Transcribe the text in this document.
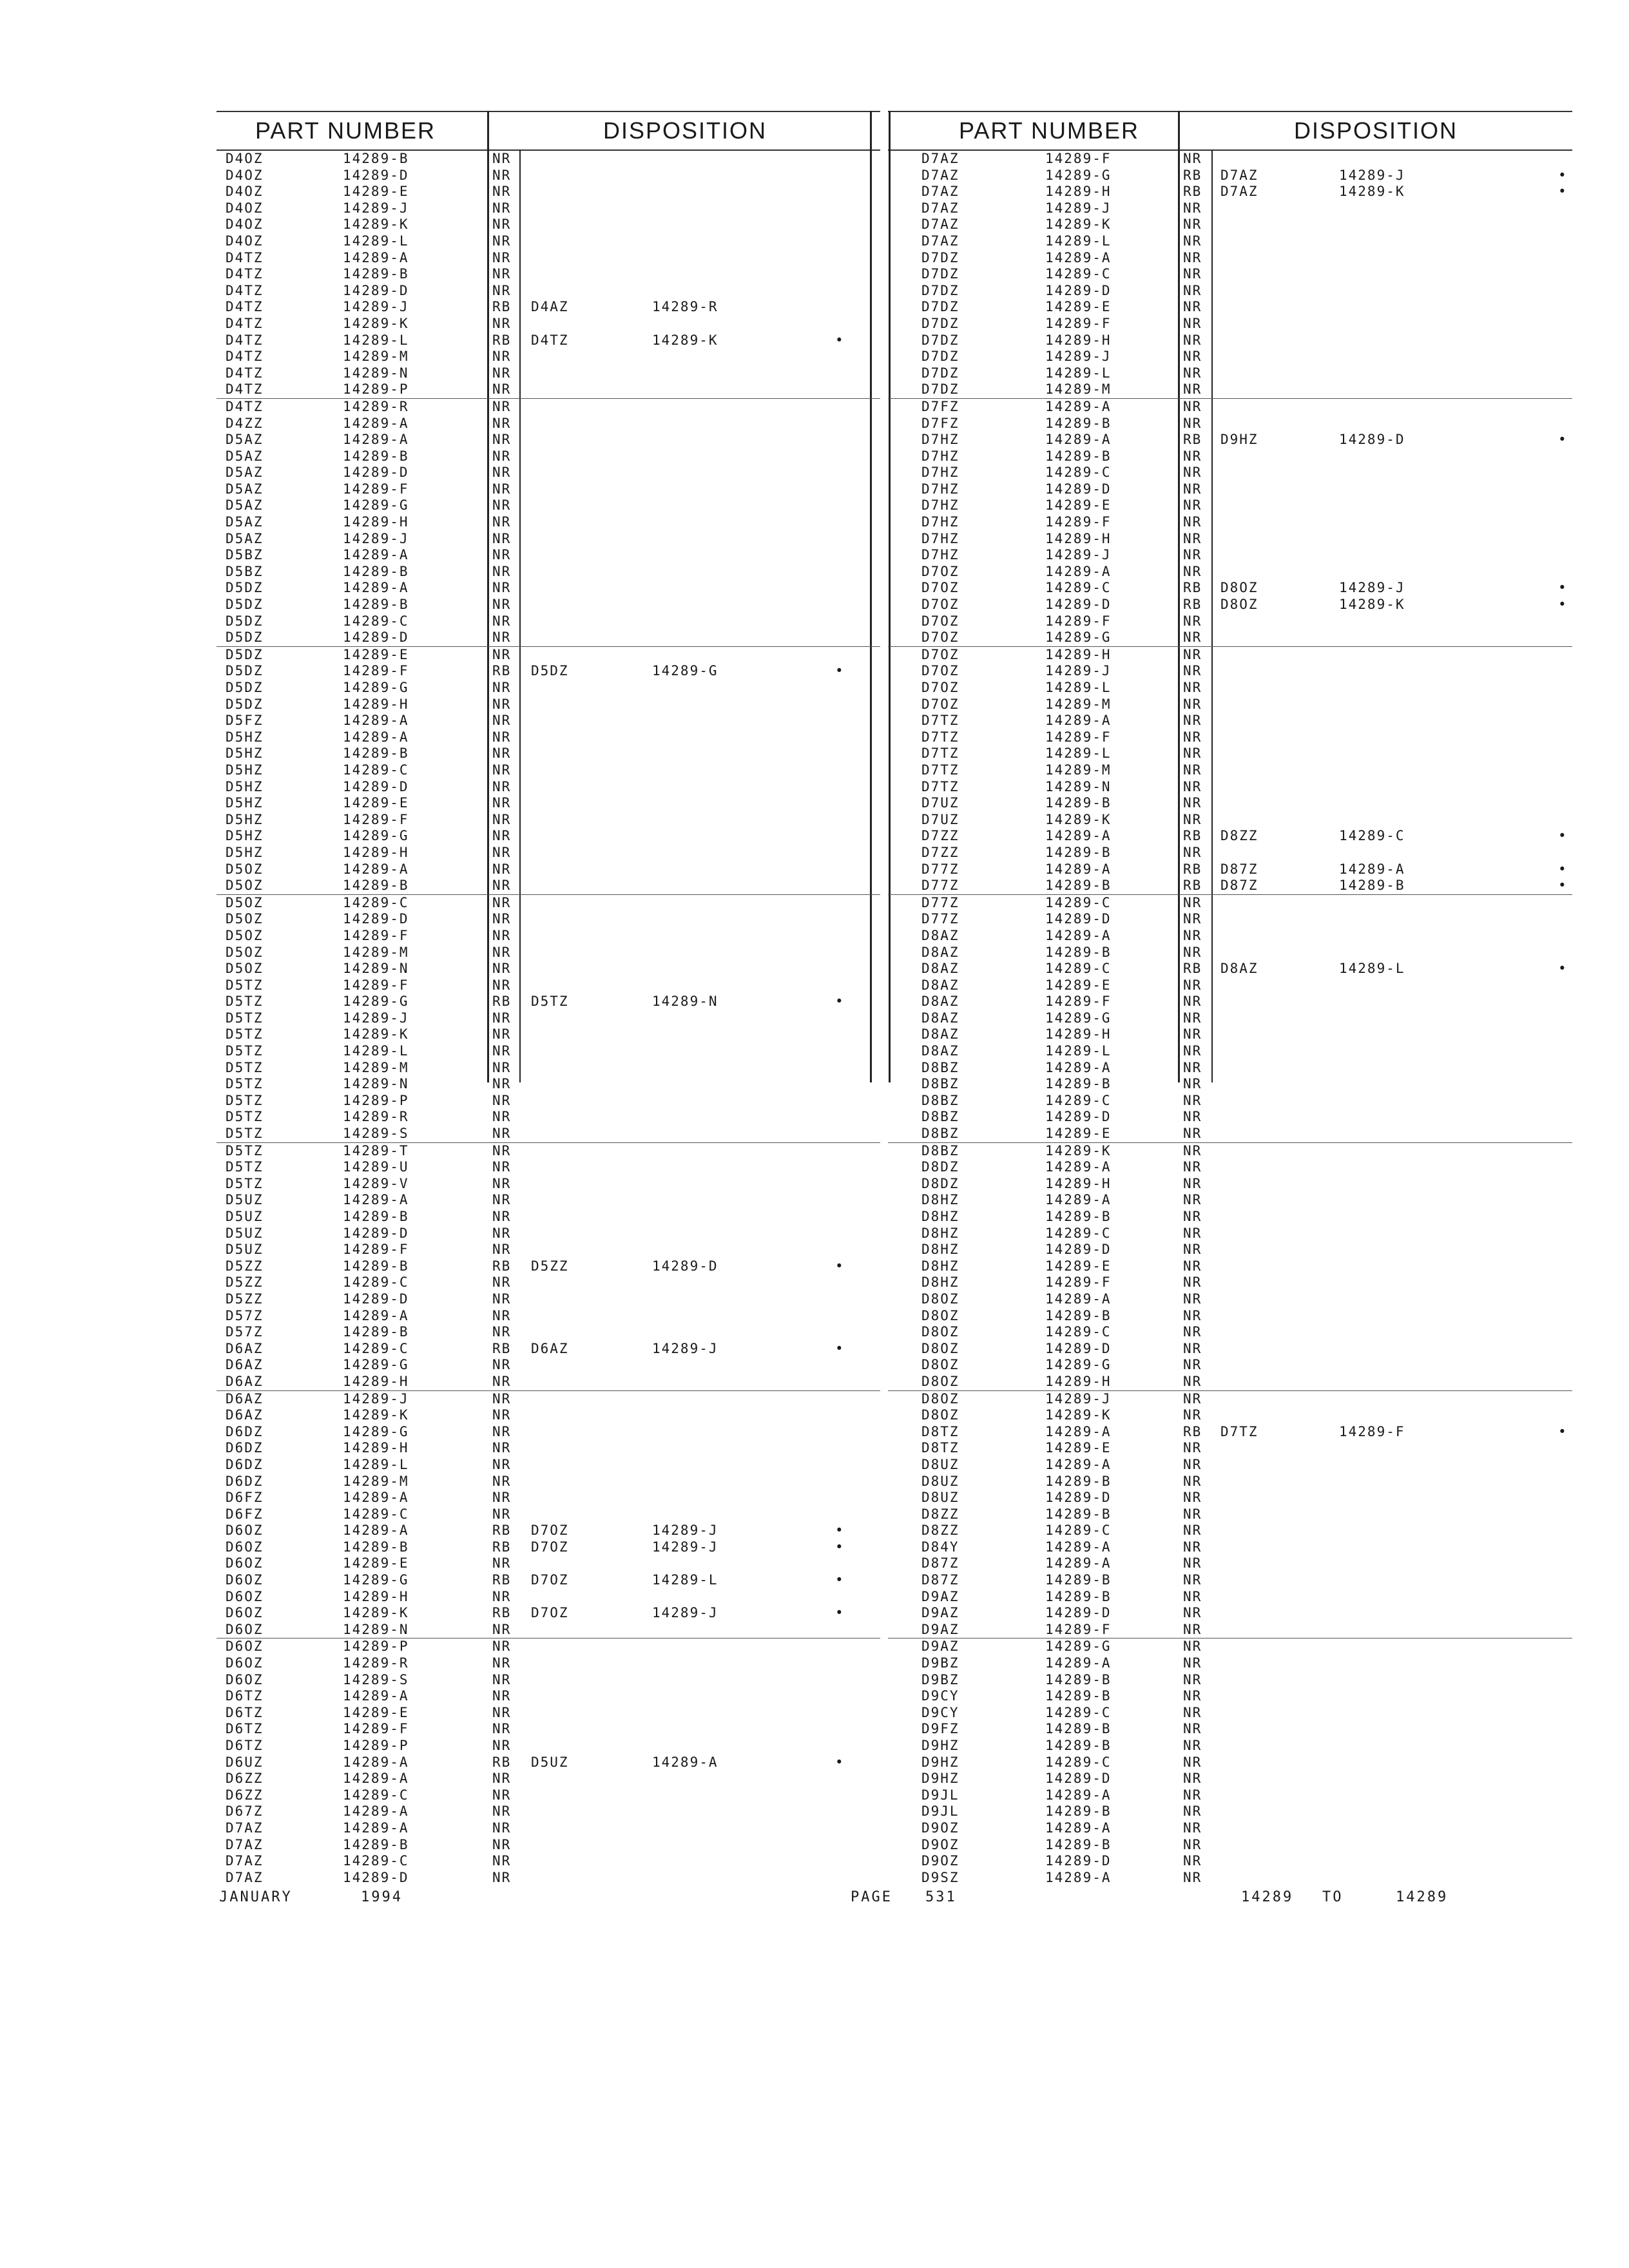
PART NUMBER	DISPOSITION
D4OZ	14289-B	NR
D4OZ	14289-D	NR
D4OZ	14289-E	NR
D4OZ	14289-J	NR
D4OZ	14289-K	NR
D4OZ	14289-L	NR
D4TZ	14289-A	NR
D4TZ	14289-B	NR
D4TZ	14289-D	NR
D4TZ	14289-J	RB D4AZ	14289-R
D4TZ	14289-K	NR
D4TZ	14289-L	RB D4TZ	14289-K	•
D4TZ	14289-M	NR
D4TZ	14289-N	NR
D4TZ	14289-P	NR
D4TZ	14289-R	NR
D4ZZ	14289-A	NR
D5AZ	14289-A	NR
D5AZ	14289-B	NR
D5AZ	14289-D	NR
D5AZ	14289-F	NR
D5AZ	14289-G	NR
D5AZ	14289-H	NR
D5AZ	14289-J	NR
D5BZ	14289-A	NR
D5BZ	14289-B	NR
D5DZ	14289-A	NR
D5DZ	14289-B	NR
D5DZ	14289-C	NR
D5DZ	14289-D	NR
D5DZ	14289-E	NR
D5DZ	14289-F	RB D5DZ	14289-G	•
D5DZ	14289-G	NR
D5DZ	14289-H	NR
D5FZ	14289-A	NR
D5HZ	14289-A	NR
D5HZ	14289-B	NR
D5HZ	14289-C	NR
D5HZ	14289-D	NR
D5HZ	14289-E	NR
D5HZ	14289-F	NR
D5HZ	14289-G	NR
D5HZ	14289-H	NR
D5OZ	14289-A	NR
D5OZ	14289-B	NR
D5OZ	14289-C	NR
D5OZ	14289-D	NR
D5OZ	14289-F	NR
D5OZ	14289-M	NR
D5OZ	14289-N	NR
D5TZ	14289-F	NR
D5TZ	14289-G	RB D5TZ	14289-N	•
D5TZ	14289-J	NR
D5TZ	14289-K	NR
D5TZ	14289-L	NR
D5TZ	14289-M	NR
D5TZ	14289-N	NR
D5TZ	14289-P	NR
D5TZ	14289-R	NR
D5TZ	14289-S	NR
D5TZ	14289-T	NR
D5TZ	14289-U	NR
D5TZ	14289-V	NR
D5UZ	14289-A	NR
D5UZ	14289-B	NR
D5UZ	14289-D	NR
D5UZ	14289-F	NR
D5ZZ	14289-B	RB D5ZZ	14289-D	•
D5ZZ	14289-C	NR
D5ZZ	14289-D	NR
D57Z	14289-A	NR
D57Z	14289-B	NR
D6AZ	14289-C	RB D6AZ	14289-J	•
D6AZ	14289-G	NR
D6AZ	14289-H	NR
D6AZ	14289-J	NR
D6AZ	14289-K	NR
D6DZ	14289-G	NR
D6DZ	14289-H	NR
D6DZ	14289-L	NR
D6DZ	14289-M	NR
D6FZ	14289-A	NR
D6FZ	14289-C	NR
D6OZ	14289-A	RB D7OZ	14289-J	•
D6OZ	14289-B	RB D7OZ	14289-J	•
D6OZ	14289-E	NR
D6OZ	14289-G	RB D7OZ	14289-L	•
D6OZ	14289-H	NR
D6OZ	14289-K	RB D7OZ	14289-J	•
D6OZ	14289-N	NR
D6OZ	14289-P	NR
D6OZ	14289-R	NR
D6OZ	14289-S	NR
D6TZ	14289-A	NR
D6TZ	14289-E	NR
D6TZ	14289-F	NR
D6TZ	14289-P	NR
D6UZ	14289-A	RB D5UZ	14289-A	•
D6ZZ	14289-A	NR
D6ZZ	14289-C	NR
D67Z	14289-A	NR
D7AZ	14289-A	NR
D7AZ	14289-B	NR
D7AZ	14289-C	NR
D7AZ	14289-D	NR
PART NUMBER	DISPOSITION
D7AZ	14289-F	NR
D7AZ	14289-G	RB D7AZ	14289-J	•
D7AZ	14289-H	RB D7AZ	14289-K	•
D7AZ	14289-J	NR
D7AZ	14289-K	NR
D7AZ	14289-L	NR
D7DZ	14289-A	NR
D7DZ	14289-C	NR
D7DZ	14289-D	NR
D7DZ	14289-E	NR
D7DZ	14289-F	NR
D7DZ	14289-H	NR
D7DZ	14289-J	NR
D7DZ	14289-L	NR
D7DZ	14289-M	NR
D7FZ	14289-A	NR
D7FZ	14289-B	NR
D7HZ	14289-A	RB D9HZ	14289-D	•
D7HZ	14289-B	NR
D7HZ	14289-C	NR
D7HZ	14289-D	NR
D7HZ	14289-E	NR
D7HZ	14289-F	NR
D7HZ	14289-H	NR
D7HZ	14289-J	NR
D7OZ	14289-A	NR
D7OZ	14289-C	RB D8OZ	14289-J	•
D7OZ	14289-D	RB D8OZ	14289-K	•
D7OZ	14289-F	NR
D7OZ	14289-G	NR
D7OZ	14289-H	NR
D7OZ	14289-J	NR
D7OZ	14289-L	NR
D7OZ	14289-M	NR
D7TZ	14289-A	NR
D7TZ	14289-F	NR
D7TZ	14289-L	NR
D7TZ	14289-M	NR
D7TZ	14289-N	NR
D7UZ	14289-B	NR
D7UZ	14289-K	NR
D7ZZ	14289-A	RB D8ZZ	14289-C	•
D7ZZ	14289-B	NR
D77Z	14289-A	RB D87Z	14289-A	•
D77Z	14289-B	RB D87Z	14289-B	•
D77Z	14289-C	NR
D77Z	14289-D	NR
D8AZ	14289-A	NR
D8AZ	14289-B	NR
D8AZ	14289-C	RB D8AZ	14289-L	•
D8AZ	14289-E	NR
D8AZ	14289-F	NR
D8AZ	14289-G	NR
D8AZ	14289-H	NR
D8AZ	14289-L	NR
D8BZ	14289-A	NR
D8BZ	14289-B	NR
D8BZ	14289-C	NR
D8BZ	14289-D	NR
D8BZ	14289-E	NR
D8BZ	14289-K	NR
D8DZ	14289-A	NR
D8DZ	14289-H	NR
D8HZ	14289-A	NR
D8HZ	14289-B	NR
D8HZ	14289-C	NR
D8HZ	14289-D	NR
D8HZ	14289-E	NR
D8HZ	14289-F	NR
D8OZ	14289-A	NR
D8OZ	14289-B	NR
D8OZ	14289-C	NR
D8OZ	14289-D	NR
D8OZ	14289-G	NR
D8OZ	14289-H	NR
D8OZ	14289-J	NR
D8OZ	14289-K	NR
D8TZ	14289-A	RB D7TZ	14289-F	•
D8TZ	14289-E	NR
D8UZ	14289-A	NR
D8UZ	14289-B	NR
D8UZ	14289-D	NR
D8ZZ	14289-B	NR
D8ZZ	14289-C	NR
D84Y	14289-A	NR
D87Z	14289-A	NR
D87Z	14289-B	NR
D9AZ	14289-B	NR
D9AZ	14289-D	NR
D9AZ	14289-F	NR
D9AZ	14289-G	NR
D9BZ	14289-A	NR
D9BZ	14289-B	NR
D9CY	14289-B	NR
D9CY	14289-C	NR
D9FZ	14289-B	NR
D9HZ	14289-B	NR
D9HZ	14289-C	NR
D9HZ	14289-D	NR
D9JL	14289-A	NR
D9JL	14289-B	NR
D9OZ	14289-A	NR
D9OZ	14289-B	NR
D9OZ	14289-D	NR
D9SZ	14289-A	NR
JANUARY	1994	PAGE 531	14289 TO	14289
